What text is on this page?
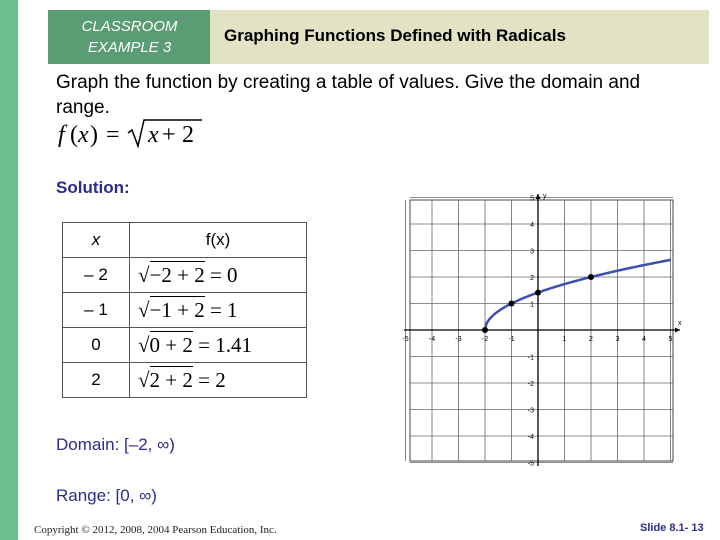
CLASSROOM
EXAMPLE 3
Graphing Functions Defined with Radicals
Graph the function by creating a table of values. Give the domain and range.
f ( x ) = x + 2
Solution:
x	f(x)
– 2	√−2 + 2 = 0
– 1	√−1 + 2 = 1
0	√0 + 2 = 1.41
2	√2 + 2 = 2
Domain: [–2, ∞)
Range: [0, ∞)
x
y
-5	-4	-3	-2	-1	1	2	3	4	5
-5
-4
-3
-2
-1
1
2
3
4
5
Copyright © 2012, 2008, 2004 Pearson Education, Inc.	Slide 8.1- 13
